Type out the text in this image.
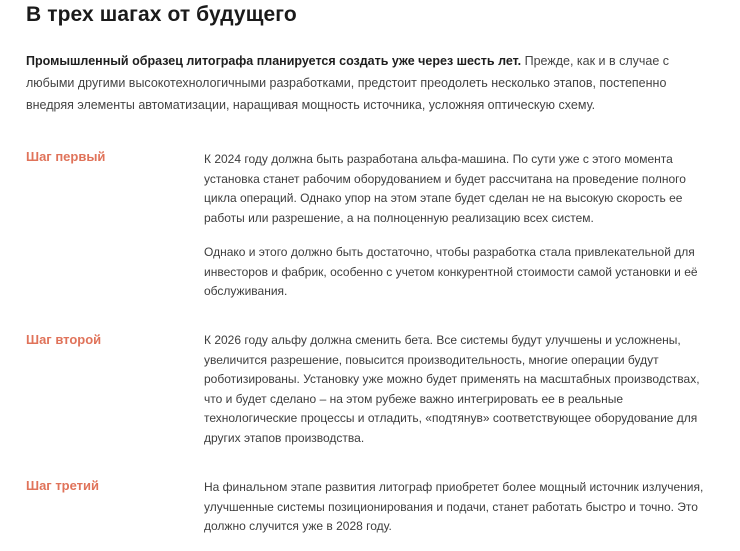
В трех шагах от будущего

Промышленный образец литографа планируется создать уже через шесть лет. Прежде, как и в случае с любыми другими высокотехнологичными разработками, предстоит преодолеть несколько этапов, постепенно внедряя элементы автоматизации, наращивая мощность источника, усложняя оптическую схему.

Шаг первый	К 2024 году должна быть разработана альфа-машина. По сути уже с этого момента установка станет рабочим оборудованием и будет рассчитана на проведение полного цикла операций. Однако упор на этом этапе будет сделан не на высокую скорость ее работы или разрешение, а на полноценную реализацию всех систем.

Однако и этого должно быть достаточно, чтобы разработка стала привлекательной для инвесторов и фабрик, особенно с учетом конкурентной стоимости самой установки и её обслуживания.

Шаг второй	К 2026 году альфу должна сменить бета. Все системы будут улучшены и усложнены, увеличится разрешение, повысится производительность, многие операции будут роботизированы. Установку уже можно будет применять на масштабных производствах, что и будет сделано – на этом рубеже важно интегрировать ее в реальные технологические процессы и отладить, «подтянув» соответствующее оборудование для других этапов производства.

Шаг третий	На финальном этапе развития литограф приобретет более мощный источник излучения, улучшенные системы позиционирования и подачи, станет работать быстро и точно. Это должно случится уже в 2028 году.
